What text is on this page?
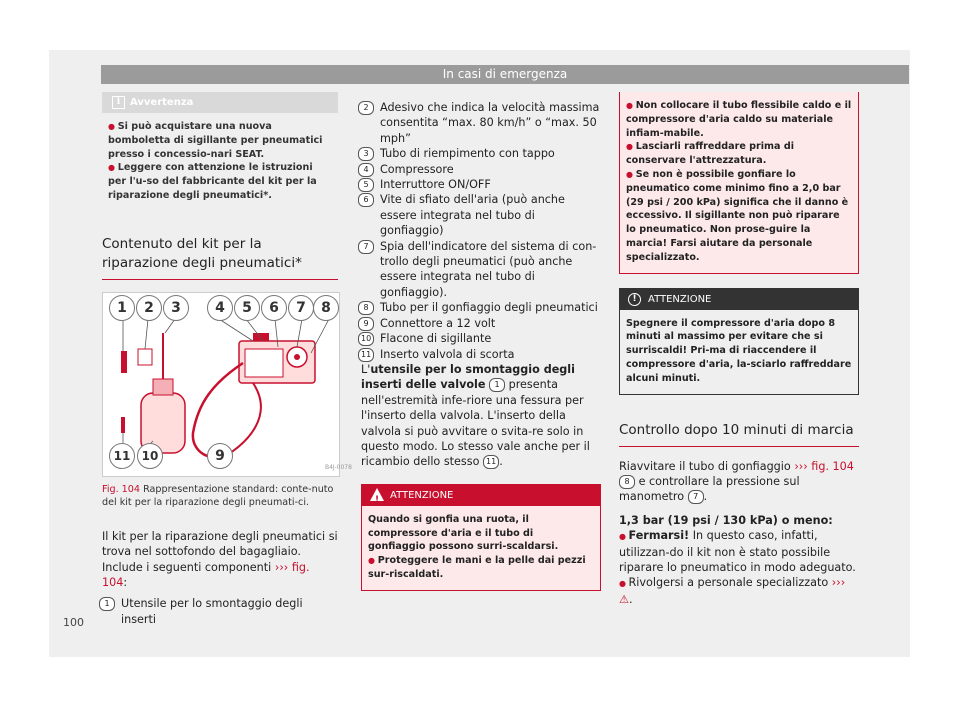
In casi di emergenza
i Avvertenza
● Si può acquistare una nuova bomboletta di sigillante per pneumatici presso i concessio-nari SEAT.
● Leggere con attenzione le istruzioni per l'u-so del fabbricante del kit per la riparazione degli pneumatici*.
Contenuto del kit per la riparazione degli pneumatici*
B4J-0078
1	2	3	4	5	6	7	8
11 10	9
Fig. 104 Rappresentazione standard: conte-nuto del kit per la riparazione degli pneumati-ci.

Il kit per la riparazione degli pneumatici si trova nel sottofondo del bagagliaio. Include i seguenti componenti ››› fig. 104:

1	Utensile per lo smontaggio degli inserti
2	Adesivo che indica la velocità massima consentita “max. 80 km/h” o “max. 50 mph”
3	Tubo di riempimento con tappo
4	Compressore
5	Interruttore ON/OFF
6	Vite di sfiato dell'aria (può anche essere integrata nel tubo di gonfiaggio)
7	Spia dell'indicatore del sistema di con-trollo degli pneumatici (può anche essere integrata nel tubo di gonfiaggio).
8	Tubo per il gonfiaggio degli pneumatici
9	Connettore a 12 volt
10 Flacone di sigillante
11 Inserto valvola di scorta

L'utensile per lo smontaggio degli inserti delle valvole 1 presenta nell'estremità infe-riore una fessura per l'inserto della valvola. L'inserto della valvola si può avvitare o svita-re solo in questo modo. Lo stesso vale anche per il ricambio dello stesso 11 .

!
ATTENZIONE
Quando si gonfia una ruota, il compressore d'aria e il tubo di gonfiaggio possono surri-scaldarsi.
● Proteggere le mani e la pelle dai pezzi sur-riscaldati.
● Non collocare il tubo flessibile caldo e il compressore d'aria caldo su materiale infiam-mabile.
● Lasciarli raffreddare prima di conservare l'attrezzatura.
● Se non è possibile gonfiare lo pneumatico come minimo fino a 2,0 bar (29 psi / 200 kPa) significa che il danno è eccessivo. Il sigillante non può riparare lo pneumatico. Non prose-guire la marcia! Farsi aiutare da personale specializzato.
!	ATTENZIONE
Spegnere il compressore d'aria dopo 8 minuti al massimo per evitare che si surriscaldi! Pri-ma di riaccendere il compressore d'aria, la-sciarlo raffreddare alcuni minuti.
Controllo dopo 10 minuti di marcia

Riavvitare il tubo di gonfiaggio ››› fig. 104 8 e controllare la pressione sul manometro 7 .

1,3 bar (19 psi / 130 kPa) o meno:

● Fermarsi! In questo caso, infatti, utilizzan-do il kit non è stato possibile riparare lo pneumatico in modo adeguato.

● Rivolgersi a personale specializzato ››› ⚠.

100
